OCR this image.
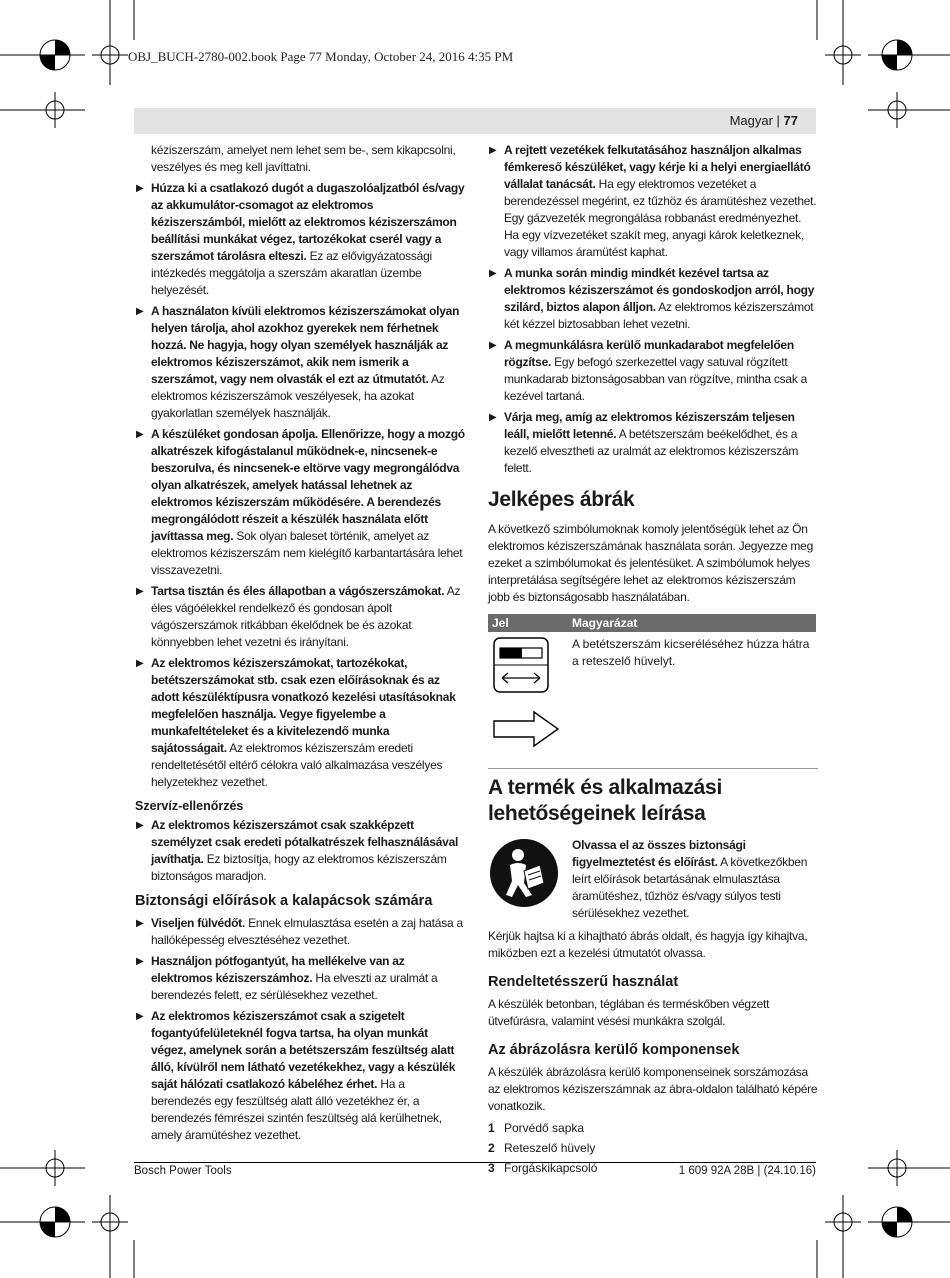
OBJ_BUCH-2780-002.book Page 77 Monday, October 24, 2016 4:35 PM
Magyar | 77

kéziszerszám, amelyet nem lehet sem be-, sem kikapcsolni, veszélyes és meg kell javíttatni.

▶ Húzza ki a csatlakozó dugót a dugaszolóaljzatból és/vagy az akkumulátor-csomagot az elektromos kéziszerszámból, mielőtt az elektromos kéziszerszámon beállítási munkákat végez, tartozékokat cserél vagy a szerszámot tárolásra elteszi. Ez az elővigyázatossági intézkedés meggátolja a szerszám akaratlan üzembe helyezését.
▶ A használaton kívüli elektromos kéziszerszámokat olyan helyen tárolja, ahol azokhoz gyerekek nem férhetnek hozzá. Ne hagyja, hogy olyan személyek használják az elektromos kéziszerszámot, akik nem ismerik a szerszámot, vagy nem olvasták el ezt az útmutatót. Az elektromos kéziszerszámok veszélyesek, ha azokat gyakorlatlan személyek használják.
▶ A készüléket gondosan ápolja. Ellenőrizze, hogy a mozgó alkatrészek kifogástalanul működnek-e, nincsenek-e beszorulva, és nincsenek-e eltörve vagy megrongálódva olyan alkatrészek, amelyek hatással lehetnek az elektromos kéziszerszám működésére. A berendezés megrongálódott részeit a készülék használata előtt javíttassa meg. Sok olyan baleset történik, amelyet az elektromos kéziszerszám nem kielégítő karbantartására lehet visszavezetni.
▶ Tartsa tisztán és éles állapotban a vágószerszámokat. Az éles vágóélekkel rendelkező és gondosan ápolt vágószerszámok ritkábban ékelődnek be és azokat könnyebben lehet vezetni és irányítani.
▶ Az elektromos kéziszerszámokat, tartozékokat, betétszerszámokat stb. csak ezen előírásoknak és az adott készüléktípusra vonatkozó kezelési utasításoknak megfelelően használja. Vegye figyelembe a munkafeltételeket és a kivitelezendő munka sajátosságait. Az elektromos kéziszerszám eredeti rendeltetésétől eltérő célokra való alkalmazása veszélyes helyzetekhez vezethet.
Szervíz-ellenőrzés
▶ Az elektromos kéziszerszámot csak szakképzett személyzet csak eredeti pótalkatrészek felhasználásával javíthatja. Ez biztosítja, hogy az elektromos kéziszerszám biztonságos maradjon.
Biztonsági előírások a kalapácsok számára
▶ Viseljen fülvédőt. Ennek elmulasztása esetén a zaj hatása a hallóképesség elvesztéséhez vezethet.
▶ Használjon pótfogantyút, ha mellékelve van az elektromos kéziszerszámhoz. Ha elveszti az uralmát a berendezés felett, ez sérülésekhez vezethet.
▶ Az elektromos kéziszerszámot csak a szigetelt fogantyúfelületeknél fogva tartsa, ha olyan munkát végez, amelynek során a betétszerszám feszültség alatt álló, kívülről nem látható vezetékekhez, vagy a készülék saját hálózati csatlakozó kábeléhez érhet. Ha a berendezés egy feszültség alatt álló vezetékhez ér, a berendezés fémrészei szintén feszültség alá kerülhetnek, amely áramütéshez vezethet.
▶ A rejtett vezetékek felkutatásához használjon alkalmas fémkereső készüléket, vagy kérje ki a helyi energiaellátó vállalat tanácsát. Ha egy elektromos vezetéket a berendezéssel megérint, ez tűzhöz és áramütéshez vezethet. Egy gázvezeték megrongálása robbanást eredményezhet. Ha egy vízvezetéket szakít meg, anyagi károk keletkeznek, vagy villamos áramütést kaphat.
▶ A munka során mindig mindkét kezével tartsa az elektromos kéziszerszámot és gondoskodjon arról, hogy szilárd, biztos alapon álljon. Az elektromos kéziszerszámot két kézzel biztosabban lehet vezetni.
▶ A megmunkálásra kerülő munkadarabot megfelelően rögzítse. Egy befogó szerkezettel vagy satuval rögzített munkadarab biztonságosabban van rögzítve, mintha csak a kezével tartaná.
▶ Várja meg, amíg az elektromos kéziszerszám teljesen leáll, mielőtt letenné. A betétszerszám beékelődhet, és a kezelő elvesztheti az uralmát az elektromos kéziszerszám felett.
Jelképes ábrák

A következő szimbólumoknak komoly jelentőségük lehet az Ön elektromos kéziszerszámának használata során. Jegyezze meg ezeket a szimbólumokat és jelentésüket. A szimbólumok helyes interpretálása segítségére lehet az elektromos kéziszerszám jobb és biztonságosabb használatában.

Jel	Magyarázat
	A betétszerszám kicseréléséhez húzza hátra a reteszelő hüvelyt.

A termék és alkalmazási lehetőségeinek leírása
Olvassa el az összes biztonsági figyelmeztetést és előírást. A következőkben leírt előírások betartásának elmulasztása áramütéshez, tűzhöz és/vagy súlyos testi sérülésekhez vezethet.

Kérjük hajtsa ki a kihajtható ábrás oldalt, és hagyja így kihajtva, miközben ezt a kezelési útmutatót olvassa.

Rendeltetésszerű használat

A készülék betonban, téglában és terméskőben végzett ütvefúrásra, valamint vésési munkákra szolgál.

Az ábrázolásra kerülő komponensek

A készülék ábrázolásra kerülő komponenseinek sorszámozása az elektromos kéziszerszámnak az ábra-oldalon található képére vonatkozik.

1 Porvédő sapka
2 Reteszelő hüvely
3 Forgáskikapcsoló
Bosch Power Tools	1 609 92A 28B | (24.10.16)
